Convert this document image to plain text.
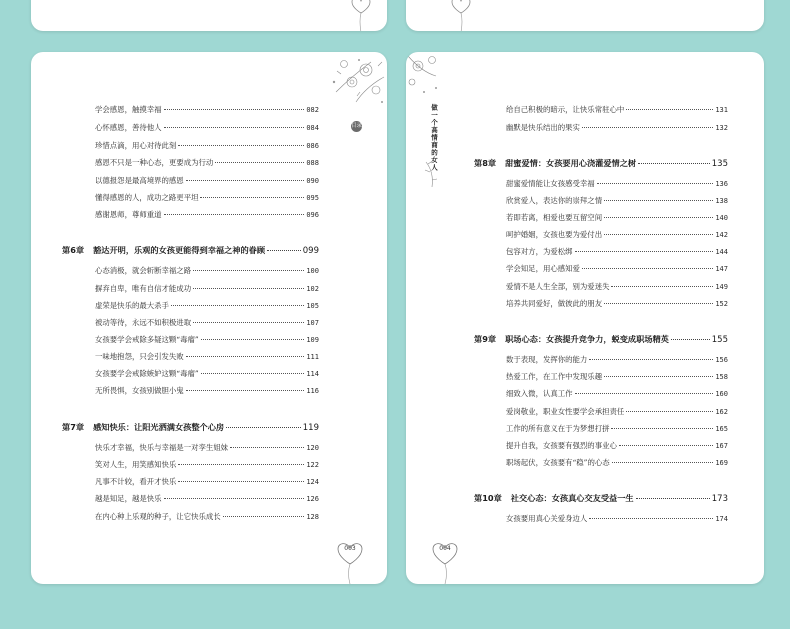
目录
学会感恩，触摸幸福	082
心怀感恩，善待他人	084
珍惜点滴，用心对待此刻	086
感恩不只是一种心态，更要成为行动	088
以德报怨是最高境界的感恩	090
懂得感恩的人，成功之路更平坦	095
感谢恩师，尊师重道	096
第6章 豁达开明，乐观的女孩更能得到幸福之神的眷顾	099
心态消极，就会斩断幸福之路	100
摒弃自卑，唯有自信才能成功	102
虚荣是快乐的最大杀手	105
被动等待，永远不如积极进取	107
女孩要学会戒除多疑这颗“毒瘤”	109
一味地抱怨，只会引发失败	111
女孩要学会戒除嫉妒这颗“毒瘤”	114
无所畏惧，女孩别做胆小鬼	116
第7章 感知快乐：让阳光洒满女孩整个心房	119
快乐才幸福，快乐与幸福是一对孪生姐妹	120
笑对人生，用笑感知快乐	122
凡事不计较，看开才快乐	124
越是知足，越是快乐	126
在内心种上乐观的种子，让它快乐成长	128
003
做一个高情商的女人	给自己积极的暗示，让快乐常驻心中	131
幽默是快乐结出的果实	132
第8章 甜蜜爱情：女孩要用心浇灌爱情之树	135
甜蜜爱情能让女孩感受幸福	136
欣赏爱人，表达你的崇拜之情	138
若即若离，相爱也要互留空间	140
呵护婚姻，女孩也要为爱付出	142
包容对方，为爱松绑	144
学会知足，用心感知爱	147
爱情不是人生全部，别为爱迷失	149
培养共同爱好，做彼此的朋友	152
第9章 职场心态：女孩提升竞争力，蜕变成职场精英	155
数于表现，发挥你的能力	156
热爱工作，在工作中发现乐趣	158
细致入微，认真工作	160
爱岗敬业，职业女性要学会承担责任	162
工作的所有意义在于为梦想打拼	165
提升自我，女孩要有强烈的事业心	167
职场起伏，女孩要有“稳”的心态	169
第10章 社交心态：女孩真心交友受益一生	173
女孩要用真心关爱身边人	174
004
